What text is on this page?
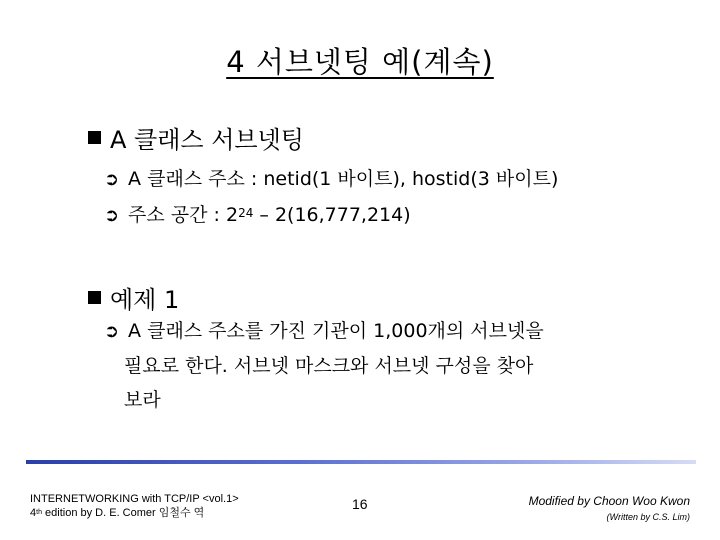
4 서브넷팅 예(계속)
A 클래스 서브넷팅
➲ A 클래스 주소 : netid(1 바이트), hostid(3 바이트)
➲ 주소 공간 : $2^{24} - 2(16,777,214)$
예제 1
➲ A 클래스 주소를 가진 기관이 1,000개의 서브넷을
필요로 한다. 서브넷 마스크와 서브넷 구성을 찾아
보라
INTERNETWORKING with TCP/IP <vol.1>
4th edition by D. E. Comer 임철수 역
16	Modified by Choon Woo Kwon
(Written by C.S. Lim)
